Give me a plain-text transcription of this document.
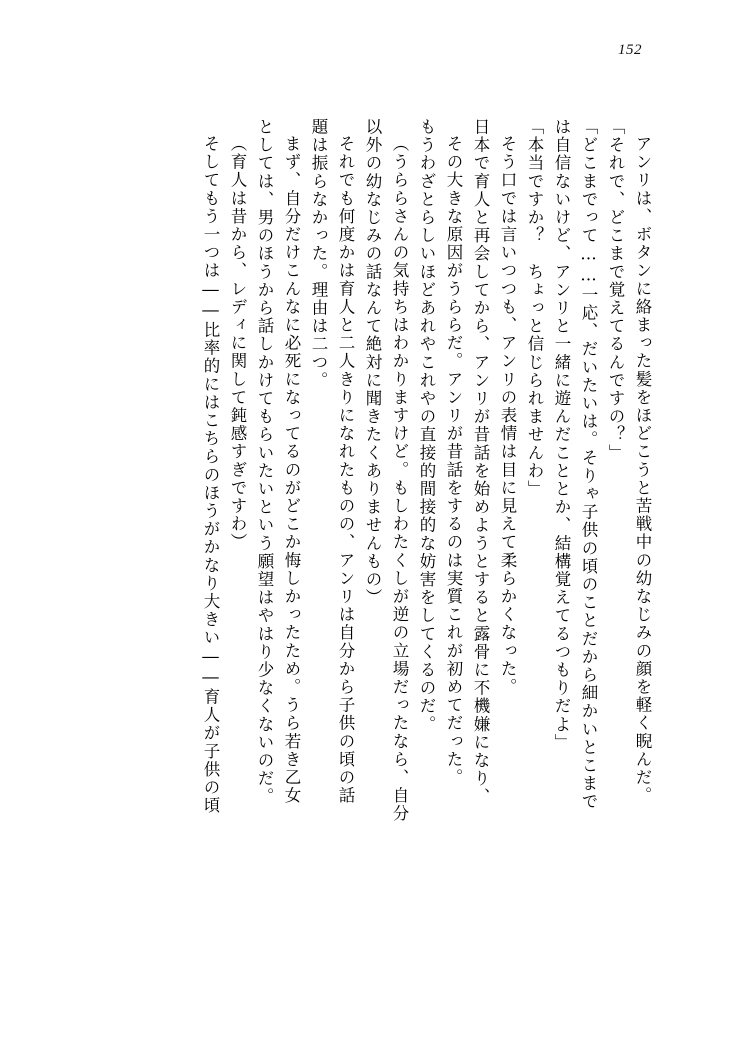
152
アンリは、ボタンに絡まった髪をほどこうと苦戦中の幼なじみの顔を軽く睨んだ。
「それで、どこまで覚えてるんですの？」
「どこまでって……一応、だいたいは。そりゃ子供の頃のことだから細かいとこまで
は自信ないけど、アンリと一緒に遊んだこととか、結構覚えてるつもりだよ」
「本当ですか？　ちょっと信じられませんわ」
そう口では言いつつも、アンリの表情は目に見えて柔らかくなった。
日本で育人と再会してから、アンリが昔話を始めようとすると露骨に不機嫌になり、
その大きな原因がうららだ。アンリが昔話をするのは実質これが初めてだった。
もうわざとらしいほどあれやこれやの直接的間接的な妨害をしてくるのだ。
（うららさんの気持ちはわかりますけど。もしわたくしが逆の立場だったなら、自分
以外の幼なじみの話なんて絶対に聞きたくありませんもの）
それでも何度かは育人と二人きりになれたものの、アンリは自分から子供の頃の話
題は振らなかった。理由は二つ。
まず、自分だけこんなに必死になってるのがどこか悔しかったため。うら若き乙女
としては、男のほうから話しかけてもらいたいという願望はやはり少なくないのだ。
（育人は昔から、レディに関して鈍感すぎですわ）
そしてもう一つは――比率的にはこちらのほうがかなり大きい――育人が子供の頃
